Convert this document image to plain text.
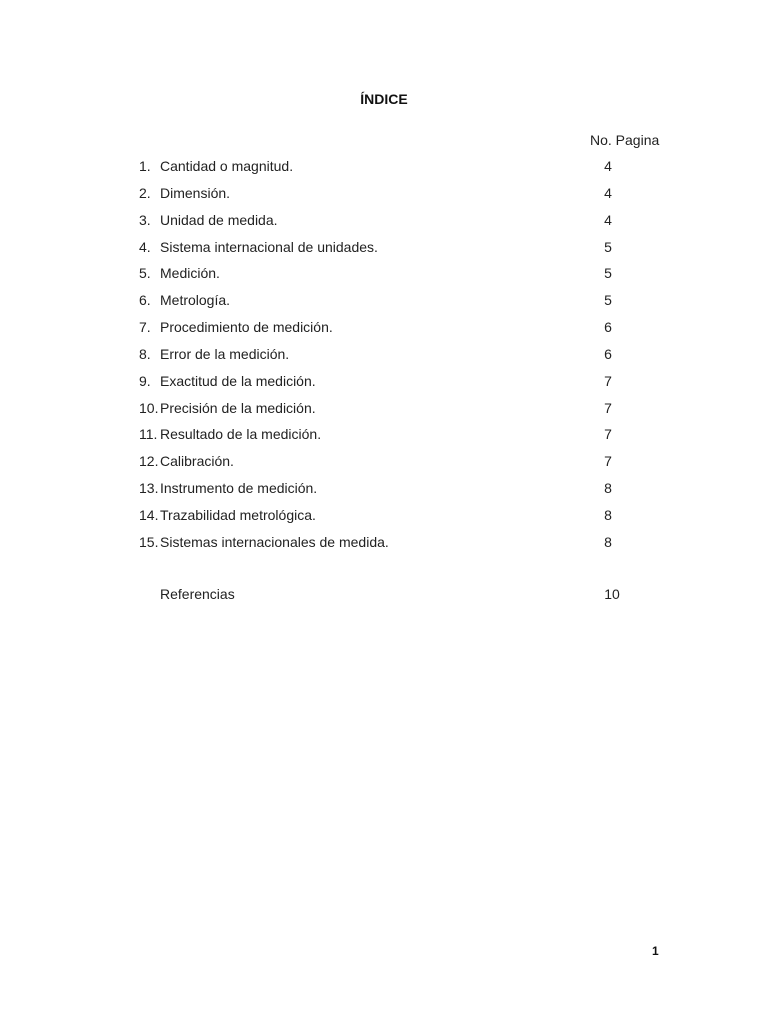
ÍNDICE
No. Pagina
1. Cantidad o magnitud.	4
2. Dimensión.	4
3. Unidad de medida.	4
4. Sistema internacional de unidades.	5
5. Medición.	5
6. Metrología.	5
7. Procedimiento de medición.	6
8. Error de la medición.	6
9. Exactitud de la medición.	7
10. Precisión de la medición.	7
11. Resultado de la medición.	7
12. Calibración.	7
13. Instrumento de medición.	8
14. Trazabilidad metrológica.	8
15. Sistemas internacionales de medida.	8
Referencias	10
1
